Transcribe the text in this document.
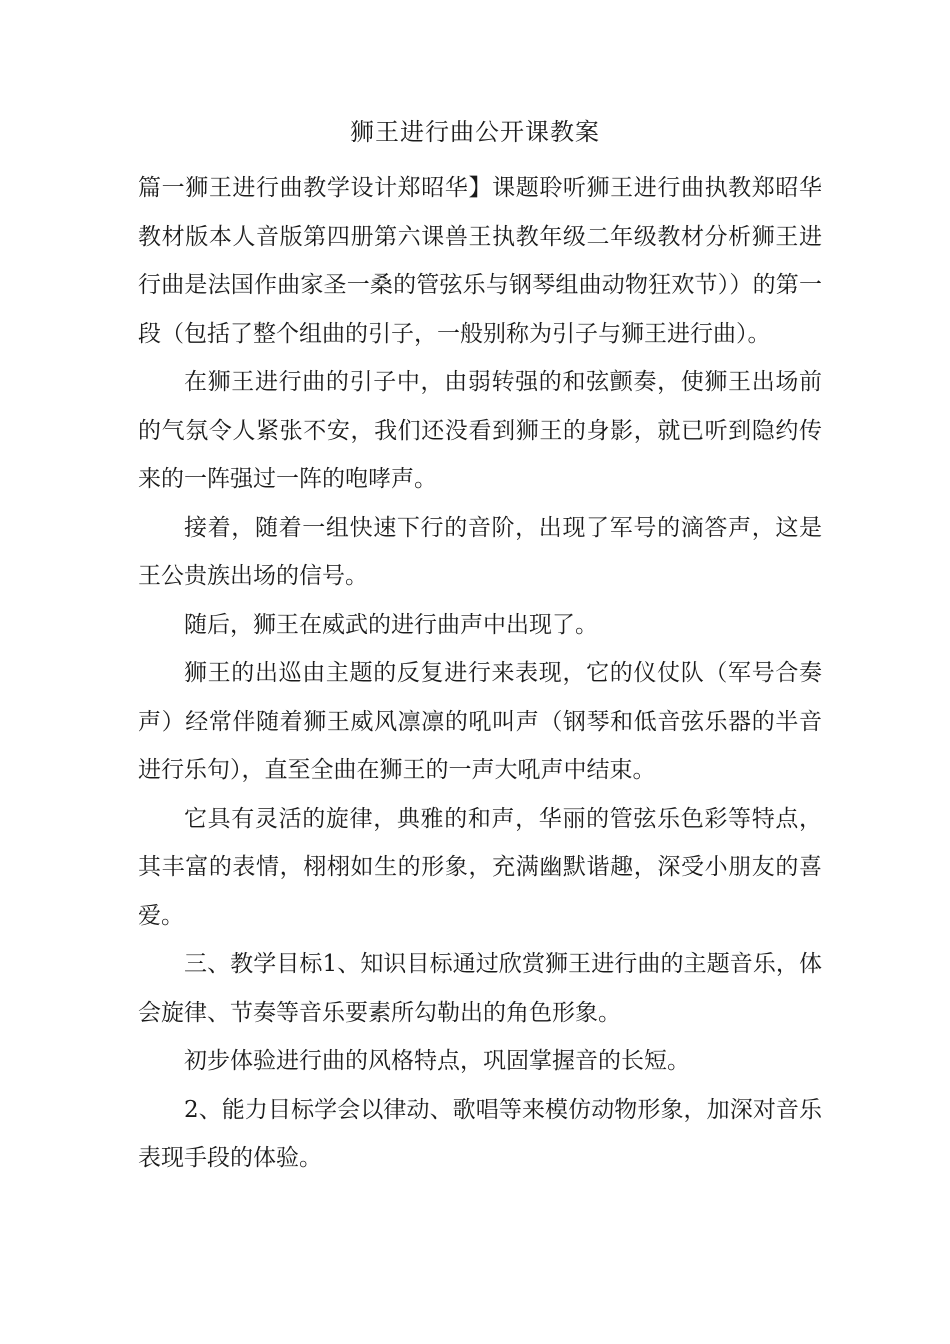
狮王进行曲公开课教案

篇一狮王进行曲教学设计郑昭华】课题聆听狮王进行曲执教郑昭华教材版本人音版第四册第六课兽王执教年级二年级教材分析狮王进行曲是法国作曲家圣一桑的管弦乐与钢琴组曲动物狂欢节））的第一段（包括了整个组曲的引子，一般别称为引子与狮王进行曲）。

在狮王进行曲的引子中，由弱转强的和弦颤奏，使狮王出场前的气氛令人紧张不安，我们还没看到狮王的身影，就已听到隐约传来的一阵强过一阵的咆哮声。

接着，随着一组快速下行的音阶，出现了军号的滴答声，这是王公贵族出场的信号。

随后，狮王在威武的进行曲声中出现了。

狮王的出巡由主题的反复进行来表现，它的仪仗队（军号合奏声）经常伴随着狮王威风凛凛的吼叫声（钢琴和低音弦乐器的半音进行乐句），直至全曲在狮王的一声大吼声中结束。

它具有灵活的旋律，典雅的和声，华丽的管弦乐色彩等特点，其丰富的表情，栩栩如生的形象，充满幽默谐趣，深受小朋友的喜爱。

三、教学目标1、知识目标通过欣赏狮王进行曲的主题音乐，体会旋律、节奏等音乐要素所勾勒出的角色形象。

初步体验进行曲的风格特点，巩固掌握音的长短。

2、能力目标学会以律动、歌唱等来模仿动物形象，加深对音乐表现手段的体验。
